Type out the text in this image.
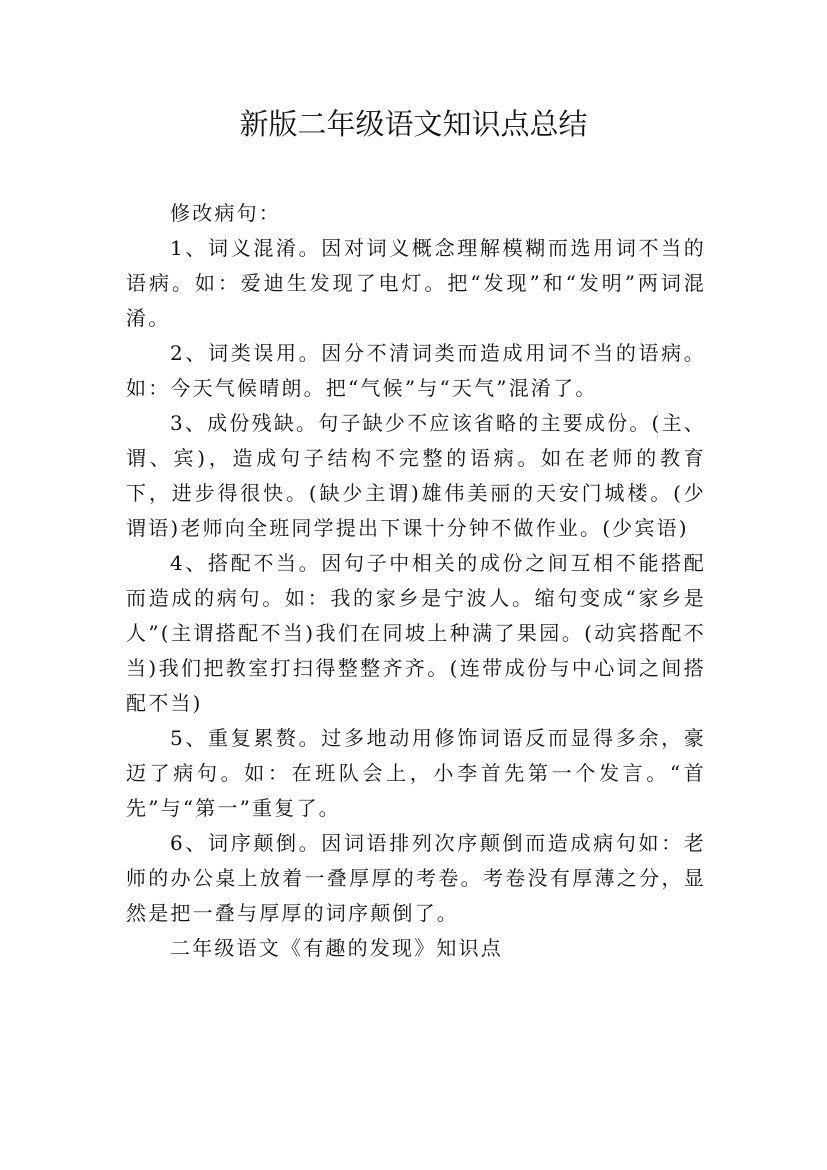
新版二年级语文知识点总结

修改病句：

1、词义混淆。因对词义概念理解模糊而选用词不当的语病。如：爱迪生发现了电灯。把“发现”和“发明”两词混淆。

2、词类误用。因分不清词类而造成用词不当的语病。如：今天气候晴朗。把“气候”与“天气”混淆了。

3、成份残缺。句子缺少不应该省略的主要成份。(主、谓、宾)，造成句子结构不完整的语病。如在老师的教育下，进步得很快。(缺少主谓)雄伟美丽的天安门城楼。(少谓语)老师向全班同学提出下课十分钟不做作业。(少宾语)

4、搭配不当。因句子中相关的成份之间互相不能搭配而造成的病句。如：我的家乡是宁波人。缩句变成“家乡是人”(主谓搭配不当)我们在同坡上种满了果园。(动宾搭配不当)我们把教室打扫得整整齐齐。(连带成份与中心词之间搭配不当)

5、重复累赘。过多地动用修饰词语反而显得多余，豪迈了病句。如：在班队会上，小李首先第一个发言。“首先”与“第一”重复了。

6、词序颠倒。因词语排列次序颠倒而造成病句如：老师的办公桌上放着一叠厚厚的考卷。考卷没有厚薄之分，显然是把一叠与厚厚的词序颠倒了。

二年级语文《有趣的发现》知识点
